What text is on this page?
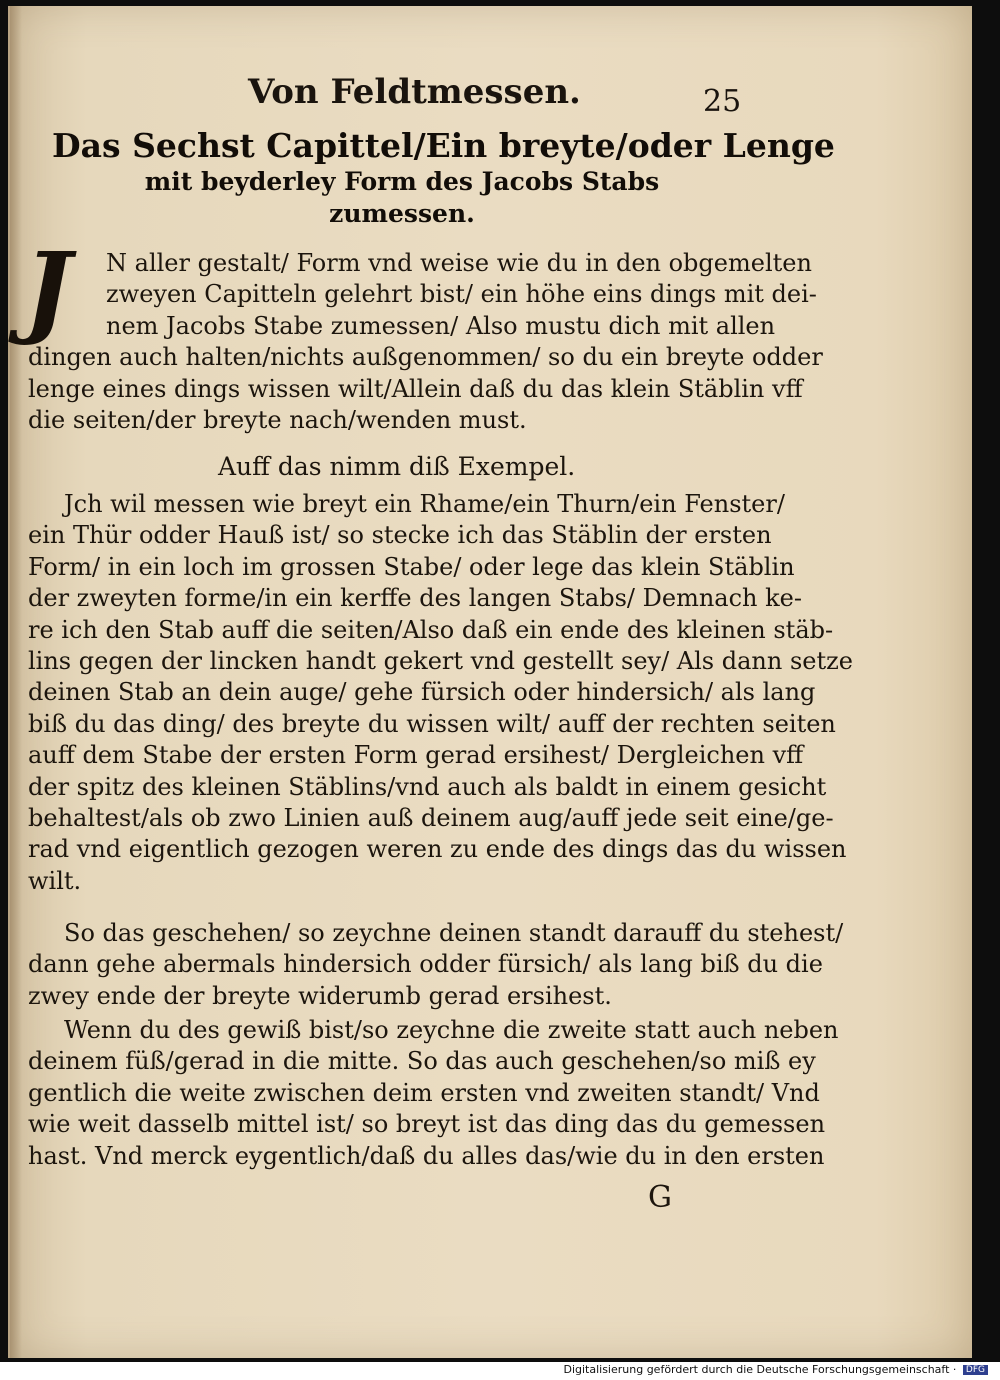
Von Feldtmessen.	25
Das Sechst Capittel/Ein breyte/oder Lenge
mit beyderley Form des Jacobs Stabs
zumessen.
J	N aller gestalt/ Form vnd weise wie du in den obgemelten
zweyen Capitteln gelehrt bist/ ein höhe eins dings mit dei-
nem Jacobs Stabe zumessen/ Also mustu dich mit allen
dingen auch halten/nichts außgenommen/ so du ein breyte odder
lenge eines dings wissen wilt/Allein daß du das klein Stäblin vff
die seiten/der breyte nach/wenden must.
Auff das nimm diß Exempel.
Jch wil messen wie breyt ein Rhame/ein Thurn/ein Fenster/
ein Thür odder Hauß ist/ so stecke ich das Stäblin der ersten
Form/ in ein loch im grossen Stabe/ oder lege das klein Stäblin
der zweyten forme/in ein kerffe des langen Stabs/ Demnach ke-
re ich den Stab auff die seiten/Also daß ein ende des kleinen stäb-
lins gegen der lincken handt gekert vnd gestellt sey/ Als dann setze
deinen Stab an dein auge/ gehe fürsich oder hindersich/ als lang
biß du das ding/ des breyte du wissen wilt/ auff der rechten seiten
auff dem Stabe der ersten Form gerad ersihest/ Dergleichen vff
der spitz des kleinen Stäblins/vnd auch als baldt in einem gesicht
behaltest/als ob zwo Linien auß deinem aug/auff jede seit eine/ge-
rad vnd eigentlich gezogen weren zu ende des dings das du wissen
wilt.
So das geschehen/ so zeychne deinen standt darauff du stehest/
dann gehe abermals hindersich odder fürsich/ als lang biß du die
zwey ende der breyte widerumb gerad ersihest.
Wenn du des gewiß bist/so zeychne die zweite statt auch neben
deinem füß/gerad in die mitte. So das auch geschehen/so miß ey
gentlich die weite zwischen deim ersten vnd zweiten standt/ Vnd
wie weit dasselb mittel ist/ so breyt ist das ding das du gemessen
hast. Vnd merck eygentlich/daß du alles das/wie du in den ersten
G
Digitalisierung gefördert durch die Deutsche Forschungsgemeinschaft · DFG
